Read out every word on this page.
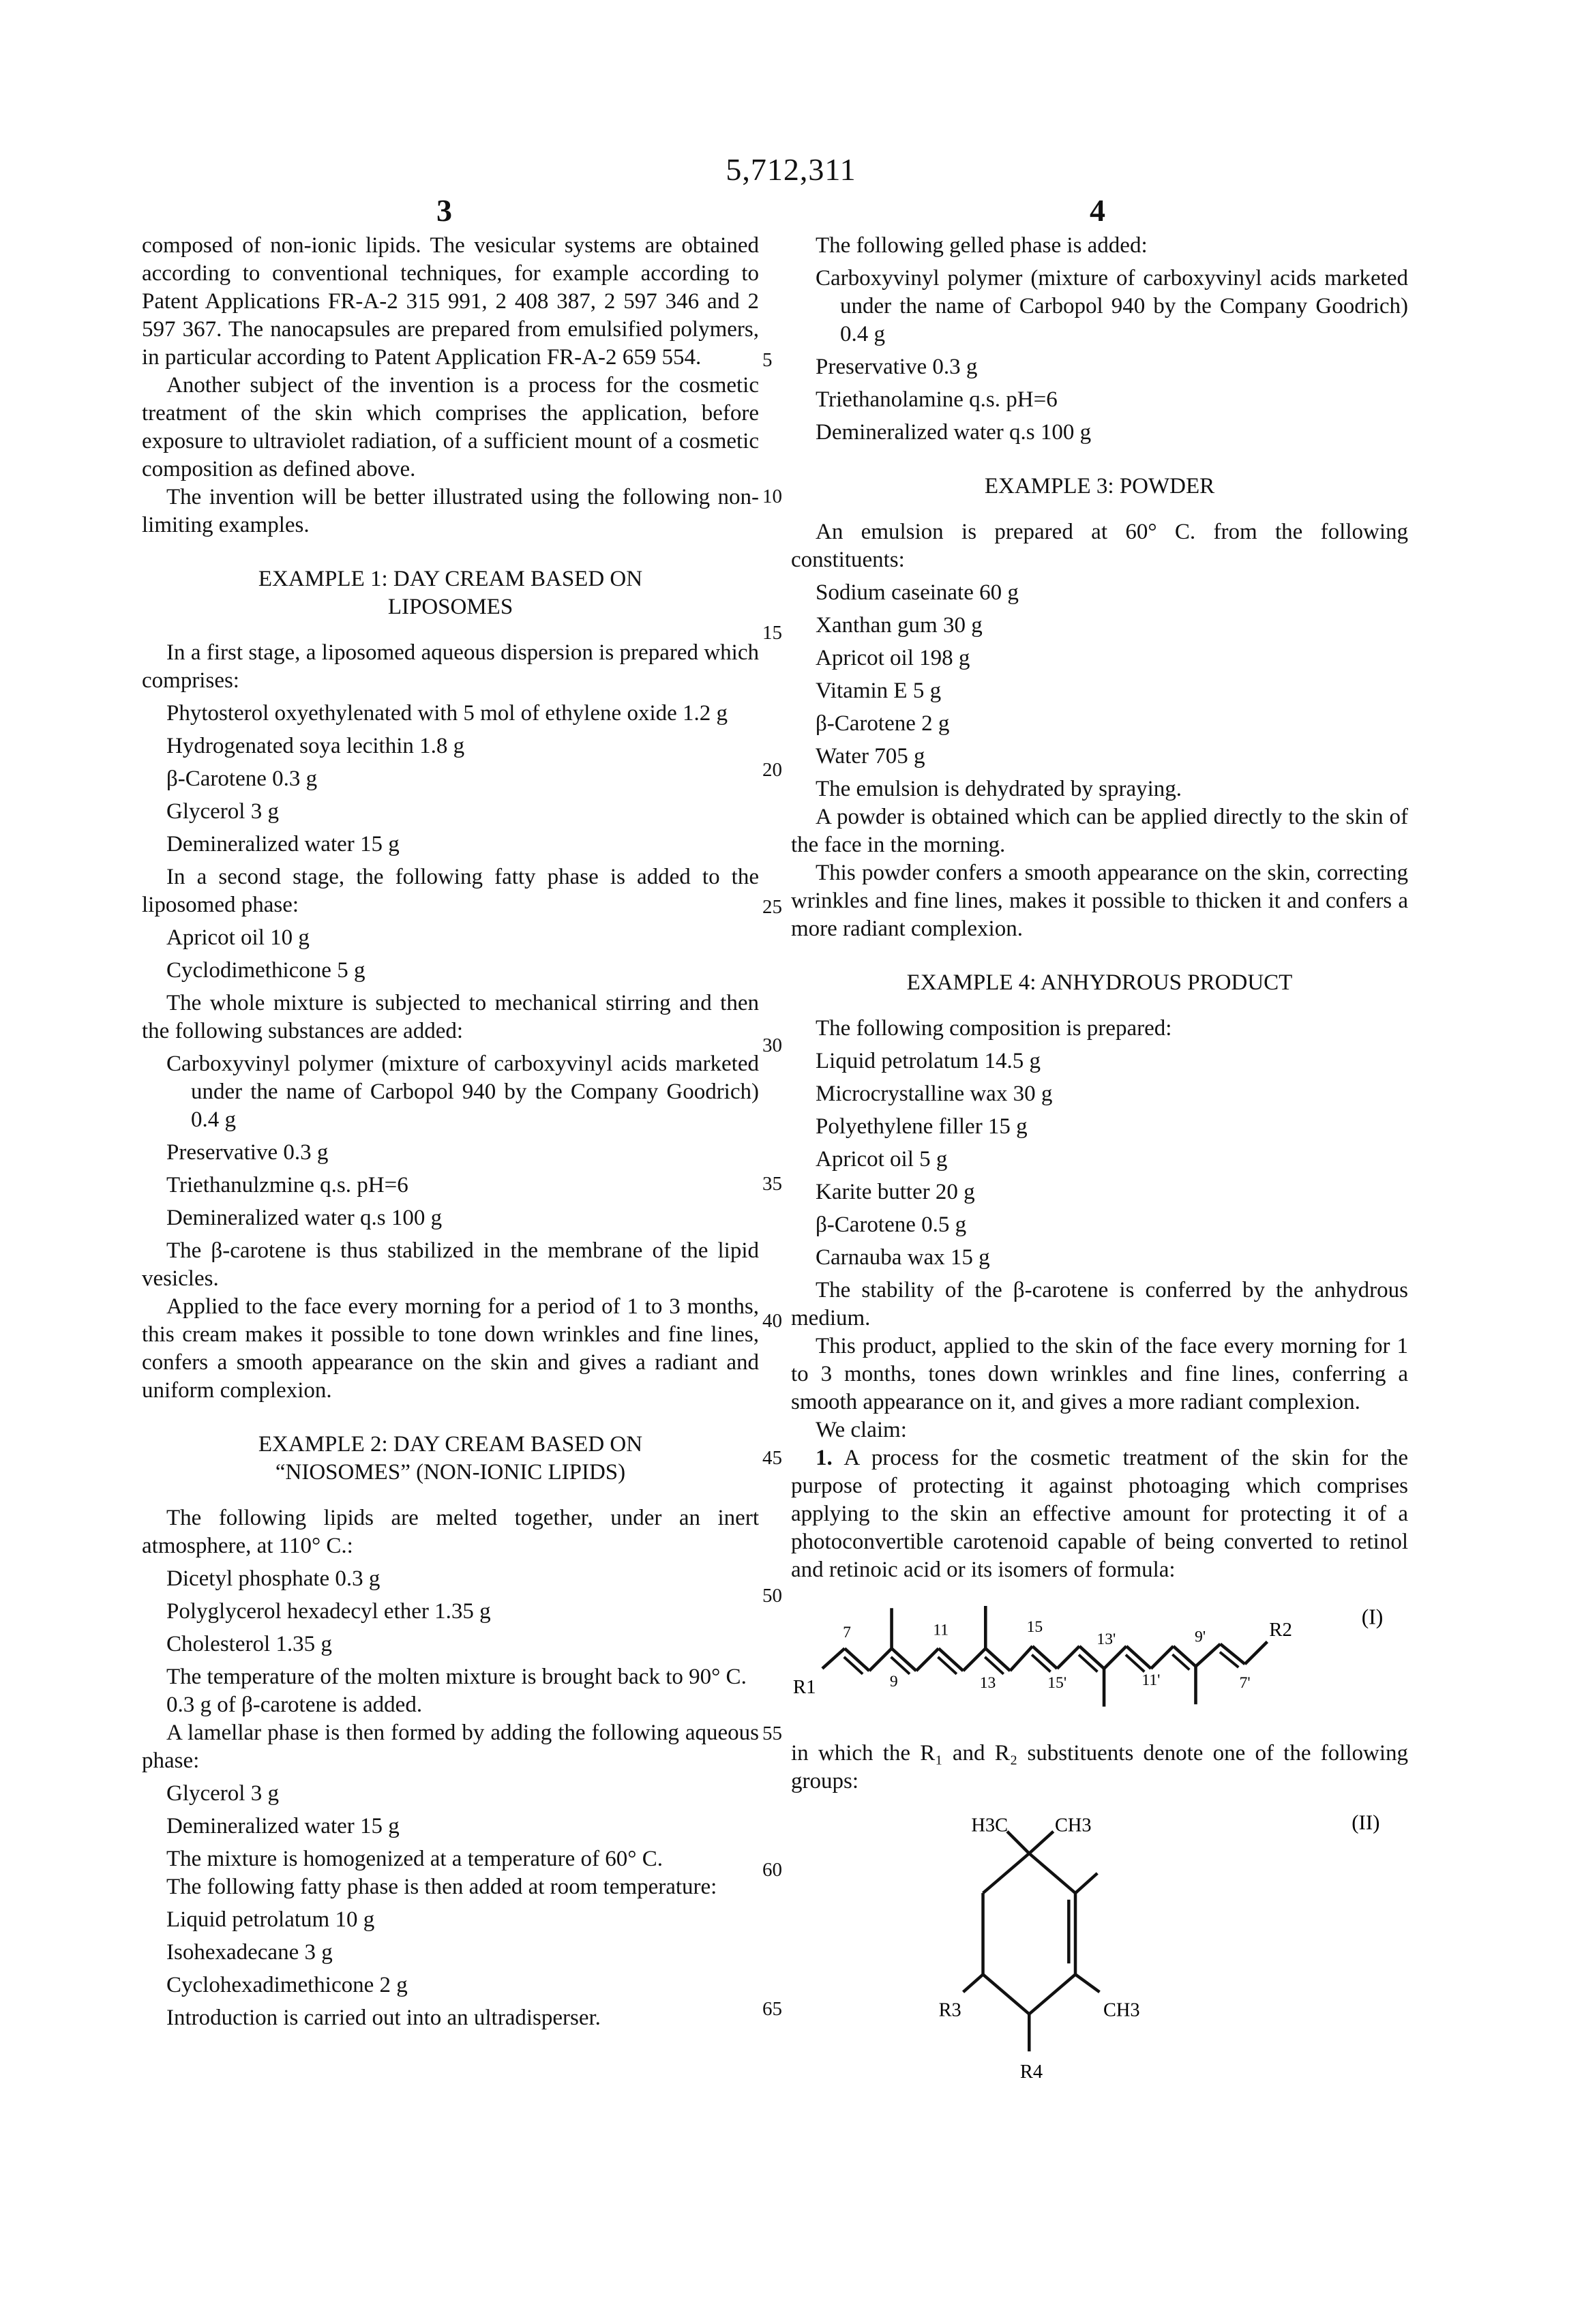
5,712,311
3	4
5
10
15
20
25
30
35
40
45
50
55
60
65

composed of non-ionic lipids. The vesicular systems are obtained according to conventional techniques, for example according to Patent Applications FR-A-2 315 991, 2 408 387, 2 597 346 and 2 597 367. The nanocapsules are prepared from emulsified polymers, in particular according to Patent Application FR-A-2 659 554.

Another subject of the invention is a process for the cosmetic treatment of the skin which comprises the application, before exposure to ultraviolet radiation, of a sufficient mount of a cosmetic composition as defined above.

The invention will be better illustrated using the following non-limiting examples.

EXAMPLE 1: DAY CREAM BASED ON LIPOSOMES

In a first stage, a liposomed aqueous dispersion is prepared which comprises:

Phytosterol oxyethylenated with 5 mol of ethylene oxide 1.2 g
Hydrogenated soya lecithin 1.8 g
β-Carotene 0.3 g
Glycerol 3 g
Demineralized water 15 g

In a second stage, the following fatty phase is added to the liposomed phase:

Apricot oil 10 g
Cyclodimethicone 5 g

The whole mixture is subjected to mechanical stirring and then the following substances are added:

Carboxyvinyl polymer (mixture of carboxyvinyl acids marketed under the name of Carbopol 940 by the Company Goodrich) 0.4 g
Preservative 0.3 g
Triethanulzmine q.s. pH=6
Demineralized water q.s 100 g

The β-carotene is thus stabilized in the membrane of the lipid vesicles.

Applied to the face every morning for a period of 1 to 3 months, this cream makes it possible to tone down wrinkles and fine lines, confers a smooth appearance on the skin and gives a radiant and uniform complexion.

EXAMPLE 2: DAY CREAM BASED ON “NIOSOMES” (NON-IONIC LIPIDS)

The following lipids are melted together, under an inert atmosphere, at 110° C.:

Dicetyl phosphate 0.3 g
Polyglycerol hexadecyl ether 1.35 g
Cholesterol 1.35 g

The temperature of the molten mixture is brought back to 90° C.

0.3 g of β-carotene is added.

A lamellar phase is then formed by adding the following aqueous phase:

Glycerol 3 g
Demineralized water 15 g

The mixture is homogenized at a temperature of 60° C.

The following fatty phase is then added at room temperature:

Liquid petrolatum 10 g
Isohexadecane 3 g
Cyclohexadimethicone 2 g
Introduction is carried out into an ultradisperser.

The following gelled phase is added:

Carboxyvinyl polymer (mixture of carboxyvinyl acids marketed under the name of Carbopol 940 by the Company Goodrich) 0.4 g
Preservative 0.3 g
Triethanolamine q.s. pH=6
Demineralized water q.s 100 g
EXAMPLE 3: POWDER

An emulsion is prepared at 60° C. from the following constituents:

Sodium caseinate 60 g
Xanthan gum 30 g
Apricot oil 198 g
Vitamin E 5 g
β-Carotene 2 g
Water 705 g

The emulsion is dehydrated by spraying.

A powder is obtained which can be applied directly to the skin of the face in the morning.

This powder confers a smooth appearance on the skin, correcting wrinkles and fine lines, makes it possible to thicken it and confers a more radiant complexion.

EXAMPLE 4: ANHYDROUS PRODUCT

The following composition is prepared:

Liquid petrolatum 14.5 g
Microcrystalline wax 30 g
Polyethylene filler 15 g
Apricot oil 5 g
Karite butter 20 g
β-Carotene 0.5 g
Carnauba wax 15 g

The stability of the β-carotene is conferred by the anhydrous medium.

This product, applied to the skin of the face every morning for 1 to 3 months, tones down wrinkles and fine lines, conferring a smooth appearance on it, and gives a more radiant complexion.

We claim:

1. A process for the cosmetic treatment of the skin for the purpose of protecting it against photoaging which comprises applying to the skin an effective amount for protecting it of a photoconvertible carotenoid capable of being converted to retinol and retinoic acid or its isomers of formula:

R1
7
9
11
13
15
15'
13'
11'
9'
7'
R2
(I)

in which the R₁ and R₂ substituents denote one of the following groups:

H3C CH3
CH3
R3
R4
(II)
